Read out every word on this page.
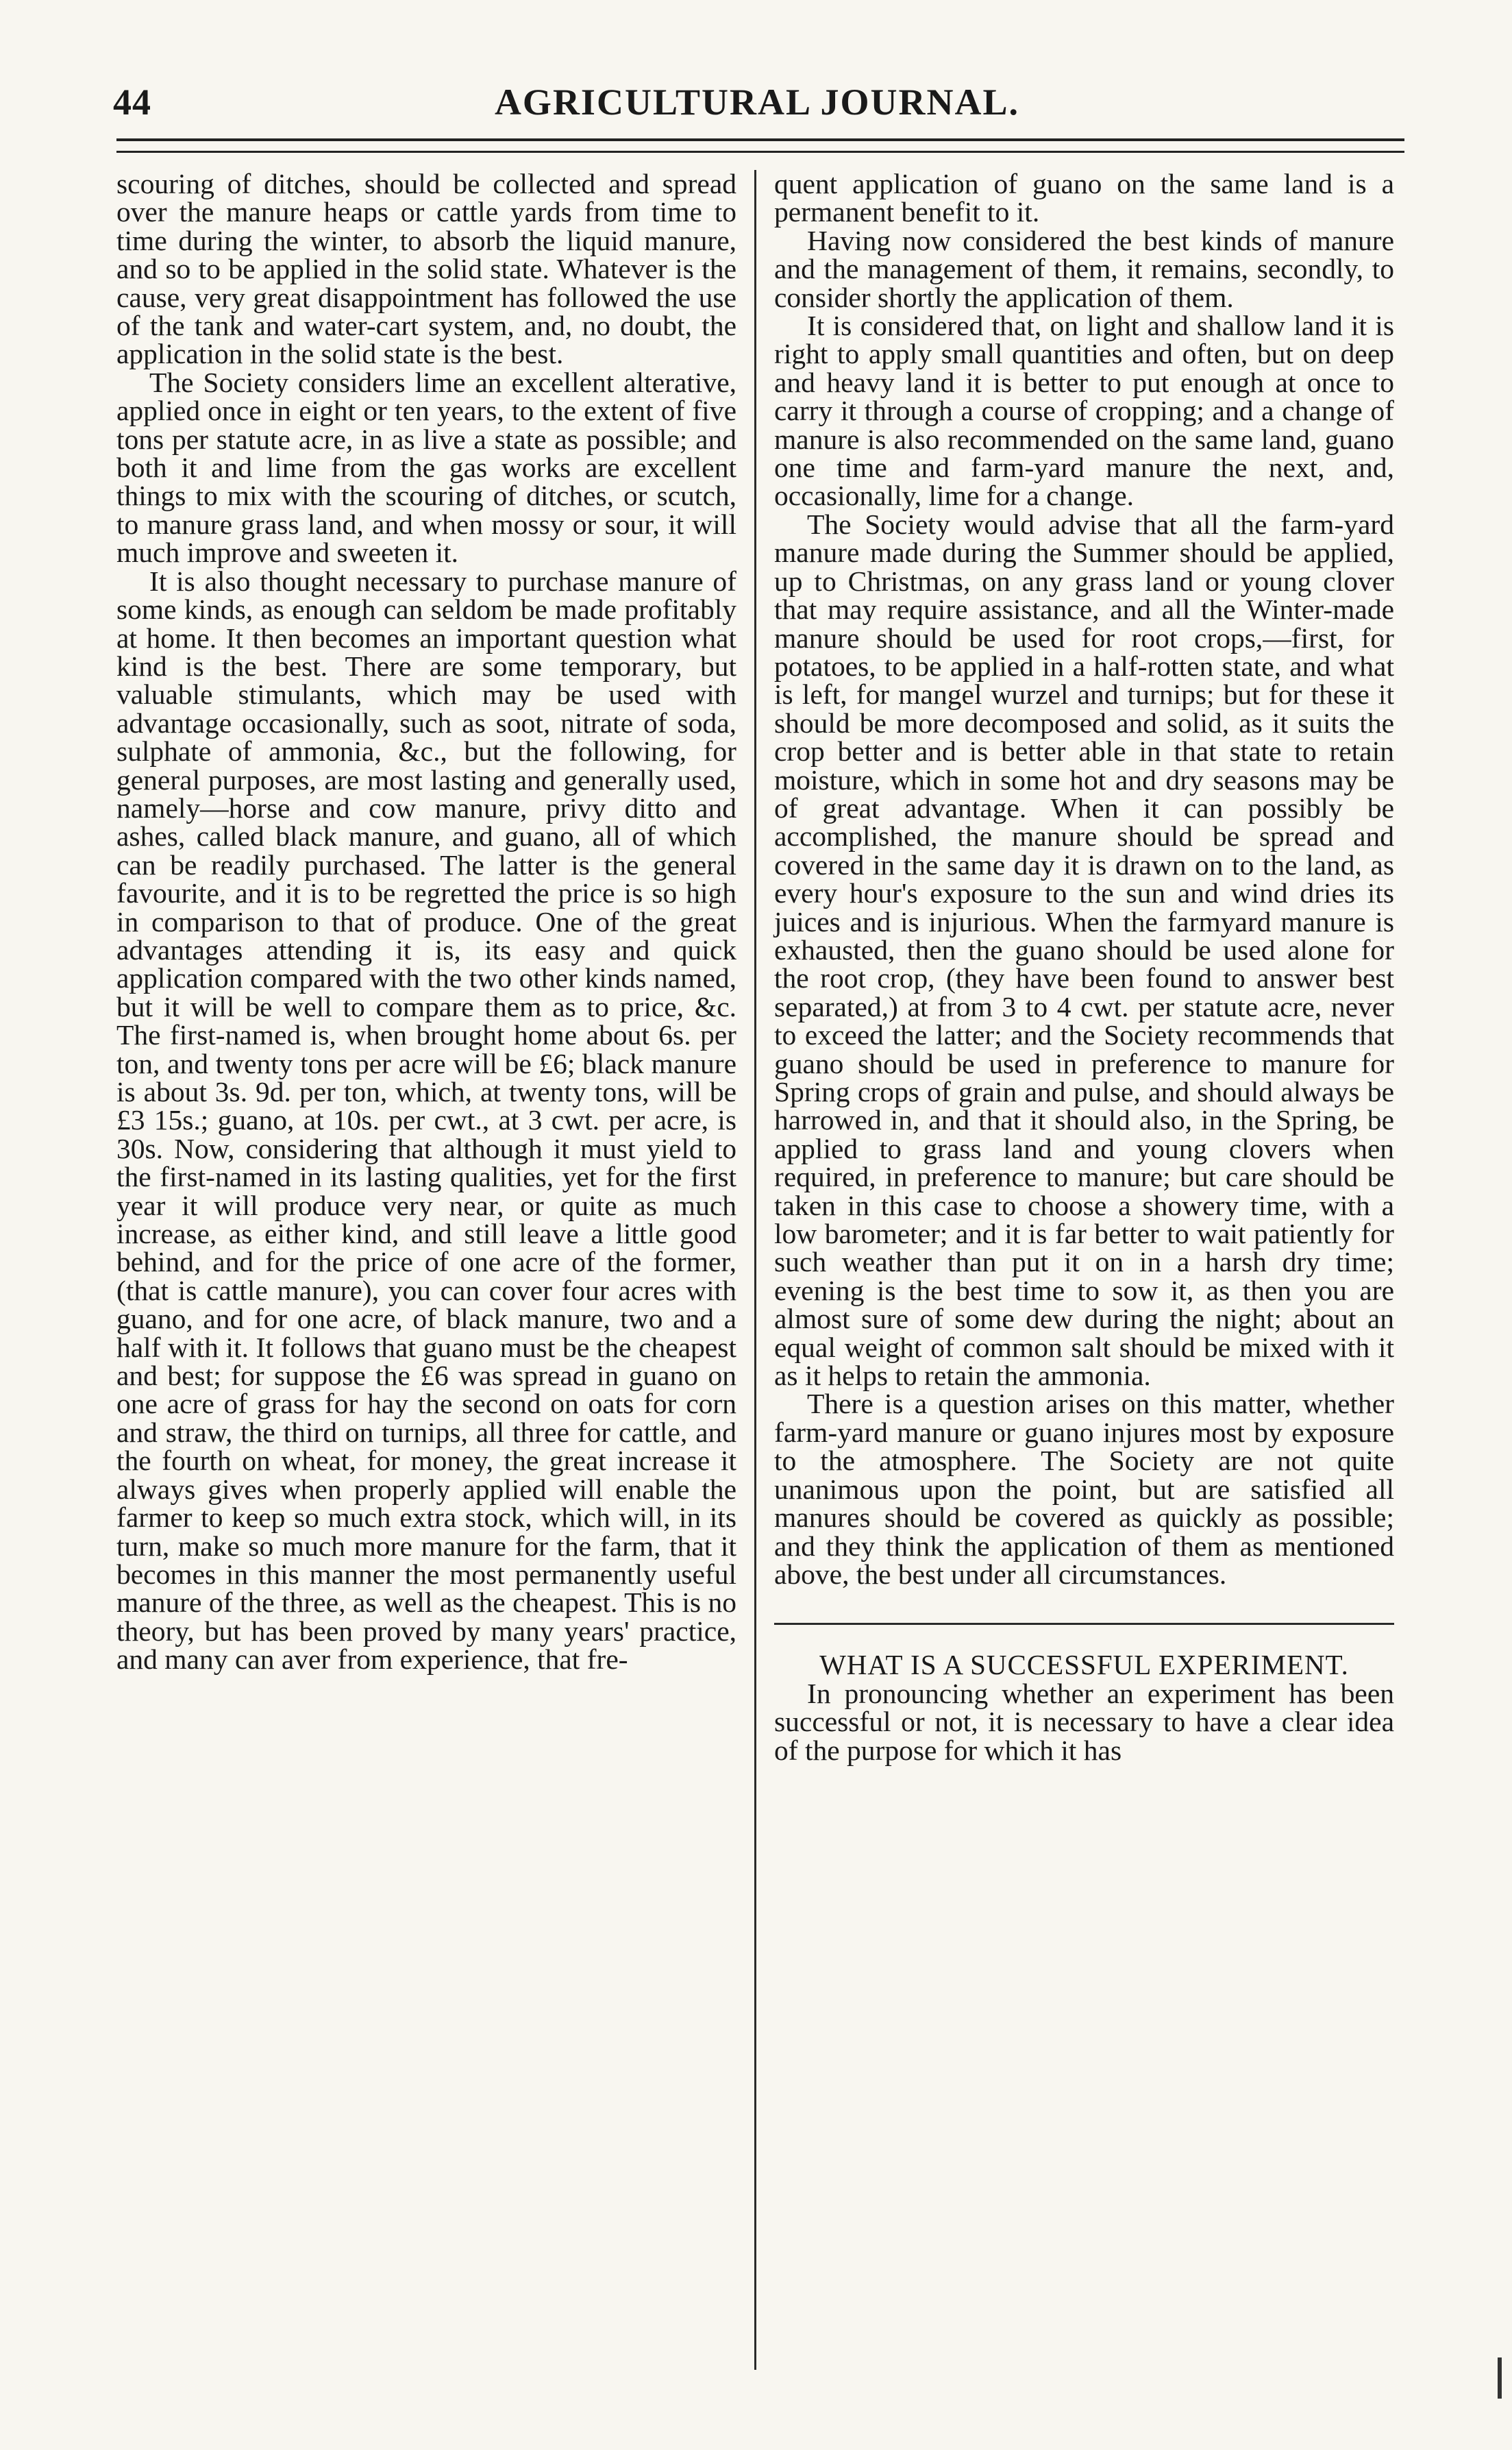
44	AGRICULTURAL JOURNAL.

scouring of ditches, should be collected and spread over the manure heaps or cattle yards from time to time during the winter, to absorb the liquid manure, and so to be applied in the solid state. Whatever is the cause, very great disappointment has followed the use of the tank and water-cart system, and, no doubt, the application in the solid state is the best.

The Society considers lime an excellent alterative, applied once in eight or ten years, to the extent of five tons per statute acre, in as live a state as possible; and both it and lime from the gas works are excellent things to mix with the scouring of ditches, or scutch, to manure grass land, and when mossy or sour, it will much improve and sweeten it.

It is also thought necessary to purchase manure of some kinds, as enough can seldom be made profitably at home. It then becomes an important question what kind is the best. There are some temporary, but valuable stimulants, which may be used with advantage occasionally, such as soot, nitrate of soda, sulphate of ammonia, &c., but the following, for general purposes, are most lasting and generally used, namely—horse and cow manure, privy ditto and ashes, called black manure, and guano, all of which can be readily purchased. The latter is the general favourite, and it is to be regretted the price is so high in comparison to that of produce. One of the great advantages attending it is, its easy and quick application compared with the two other kinds named, but it will be well to compare them as to price, &c. The first-named is, when brought home about 6s. per ton, and twenty tons per acre will be £6; black manure is about 3s. 9d. per ton, which, at twenty tons, will be £3 15s.; guano, at 10s. per cwt., at 3 cwt. per acre, is 30s. Now, considering that although it must yield to the first-named in its lasting qualities, yet for the first year it will produce very near, or quite as much increase, as either kind, and still leave a little good behind, and for the price of one acre of the former, (that is cattle manure), you can cover four acres with guano, and for one acre, of black manure, two and a half with it. It follows that guano must be the cheapest and best; for suppose the £6 was spread in guano on one acre of grass for hay the second on oats for corn and straw, the third on turnips, all three for cattle, and the fourth on wheat, for money, the great increase it always gives when properly applied will enable the farmer to keep so much extra stock, which will, in its turn, make so much more manure for the farm, that it becomes in this manner the most permanently useful manure of the three, as well as the cheapest. This is no theory, but has been proved by many years' practice, and many can aver from experience, that fre-

quent application of guano on the same land is a permanent benefit to it.

Having now considered the best kinds of manure and the management of them, it remains, secondly, to consider shortly the application of them.

It is considered that, on light and shallow land it is right to apply small quantities and often, but on deep and heavy land it is better to put enough at once to carry it through a course of cropping; and a change of manure is also recommended on the same land, guano one time and farm-yard manure the next, and, occasionally, lime for a change.

The Society would advise that all the farm-yard manure made during the Summer should be applied, up to Christmas, on any grass land or young clover that may require assistance, and all the Winter-made manure should be used for root crops,—first, for potatoes, to be applied in a half-rotten state, and what is left, for mangel wurzel and turnips; but for these it should be more decomposed and solid, as it suits the crop better and is better able in that state to retain moisture, which in some hot and dry seasons may be of great advantage. When it can possibly be accomplished, the manure should be spread and covered in the same day it is drawn on to the land, as every hour's exposure to the sun and wind dries its juices and is injurious. When the farmyard manure is exhausted, then the guano should be used alone for the root crop, (they have been found to answer best separated,) at from 3 to 4 cwt. per statute acre, never to exceed the latter; and the Society recommends that guano should be used in preference to manure for Spring crops of grain and pulse, and should always be harrowed in, and that it should also, in the Spring, be applied to grass land and young clovers when required, in preference to manure; but care should be taken in this case to choose a showery time, with a low barometer; and it is far better to wait patiently for such weather than put it on in a harsh dry time; evening is the best time to sow it, as then you are almost sure of some dew during the night; about an equal weight of common salt should be mixed with it as it helps to retain the ammonia.

There is a question arises on this matter, whether farm-yard manure or guano injures most by exposure to the atmosphere. The Society are not quite unanimous upon the point, but are satisfied all manures should be covered as quickly as possible; and they think the application of them as mentioned above, the best under all circumstances.

WHAT IS A SUCCESSFUL EXPERIMENT.

In pronouncing whether an experiment has been successful or not, it is necessary to have a clear idea of the purpose for which it has
